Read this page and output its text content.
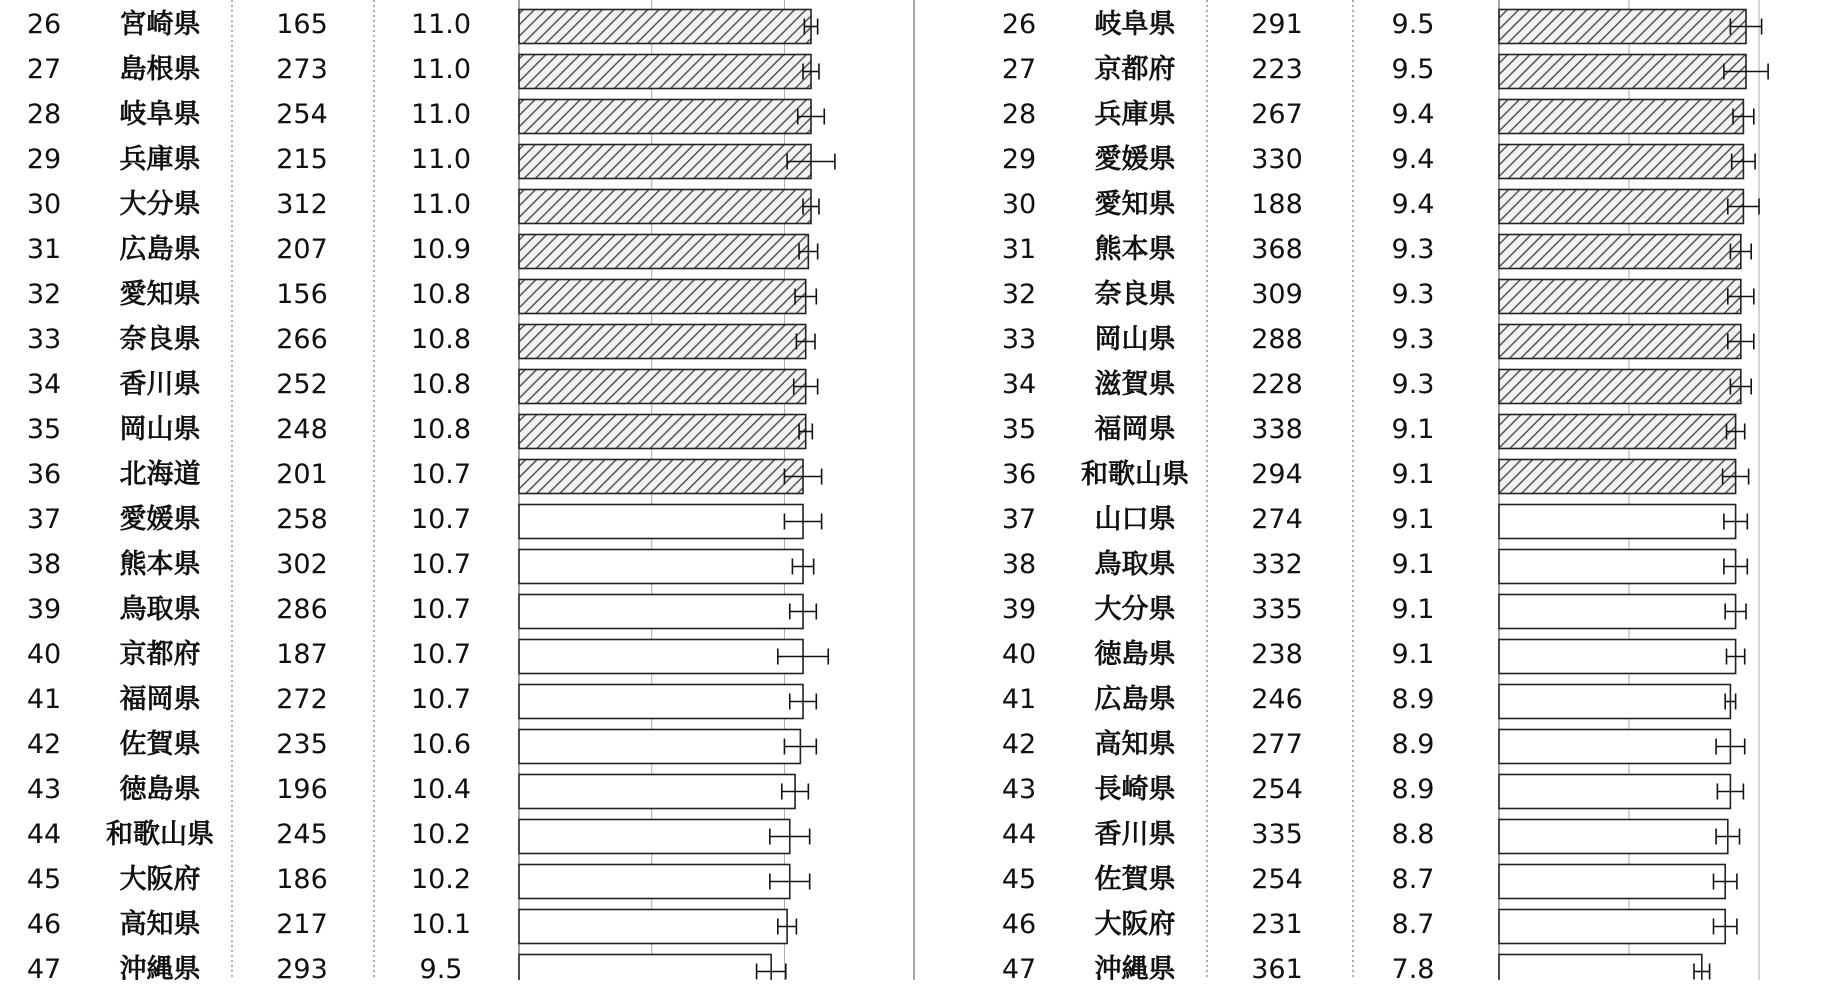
26 宮崎県	165	11.0
27 島根県	273	11.0
28 岐阜県	254	11.0
29 兵庫県	215	11.0
30 大分県	312	11.0
31 広島県	207	10.9
32 愛知県	156	10.8
33 奈良県	266	10.8
34 香川県	252	10.8
35 岡山県	248	10.8
36 北海道	201	10.7
37 愛媛県	258	10.7
38 熊本県	302	10.7
39 鳥取県	286	10.7
40 京都府	187	10.7
41 福岡県	272	10.7
42 佐賀県	235	10.6
43 徳島県	196	10.4
44 和歌山県 245	10.2
45 大阪府	186	10.2
46 高知県	217	10.1
47 沖縄県	293	9.5
26 岐阜県	291	9.5
27 京都府	223	9.5
28 兵庫県	267	9.4
29 愛媛県	330	9.4
30 愛知県	188	9.4
31 熊本県	368	9.3
32 奈良県	309	9.3
33 岡山県	288	9.3
34 滋賀県	228	9.3
35 福岡県	338	9.1
36 和歌山県 294	9.1
37 山口県	274	9.1
38 鳥取県	332	9.1
39 大分県	335	9.1
40 徳島県	238	9.1
41 広島県	246	8.9
42 高知県	277	8.9
43 長崎県	254	8.9
44 香川県	335	8.8
45 佐賀県	254	8.7
46 大阪府	231	8.7
47 沖縄県	361	7.8
